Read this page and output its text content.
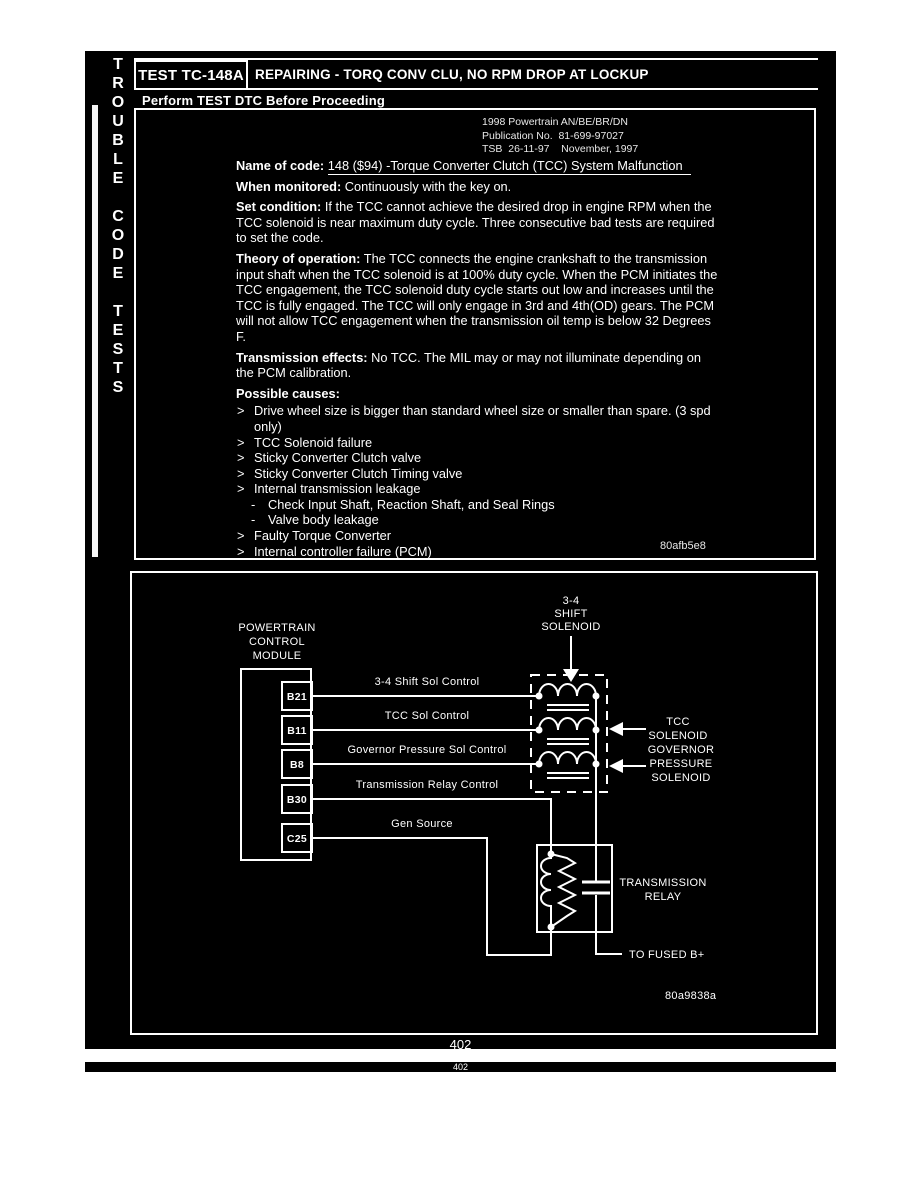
T
R
O
U
B
L
E
C
O
D
E
T
E
S
T
S
TEST TC-148A REPAIRING - TORQ CONV CLU, NO RPM DROP AT LOCKUP
Perform TEST DTC Before Proceeding
1998 Powertrain AN/BE/BR/DN
Publication No.  81-699-97027
TSB  26-11-97    November, 1997

Name of code: 148 ($94) -Torque Converter Clutch (TCC) System Malfunction

When monitored: Continuously with the key on.

Set condition: If the TCC cannot achieve the desired drop in engine RPM when the TCC solenoid is near maximum duty cycle. Three consecutive bad tests are required to set the code.

Theory of operation: The TCC connects the engine crankshaft to the transmission input shaft when the TCC solenoid is at 100% duty cycle. When the PCM initiates the TCC engagement, the TCC solenoid duty cycle starts out low and increases until the TCC is fully engaged. The TCC will only engage in 3rd and 4th(OD) gears. The PCM will not allow TCC engagement when the transmission oil temp is below 32 Degrees F.

Transmission effects: No TCC. The MIL may or may not illuminate depending on the PCM calibration.

Possible causes:

> Drive wheel size is bigger than standard wheel size or smaller than spare. (3 spd only)
> TCC Solenoid failure
> Sticky Converter Clutch valve
> Sticky Converter Clutch Timing valve
> Internal transmission leakage
- Check Input Shaft, Reaction Shaft, and Seal Rings
- Valve body leakage
> Faulty Torque Converter
> Internal controller failure (PCM)	80afb5e8
3-4
SHIFT
SOLENOID
POWERTRAIN
CONTROL
MODULE
B21
B11
B8
B30
C25
3-4 Shift Sol Control
TCC Sol Control
Governor Pressure Sol Control
Transmission Relay Control
Gen Source
TCC
SOLENOID
GOVERNOR
PRESSURE
SOLENOID
TRANSMISSION
RELAY
TO FUSED B+
80a9838a
402
402
